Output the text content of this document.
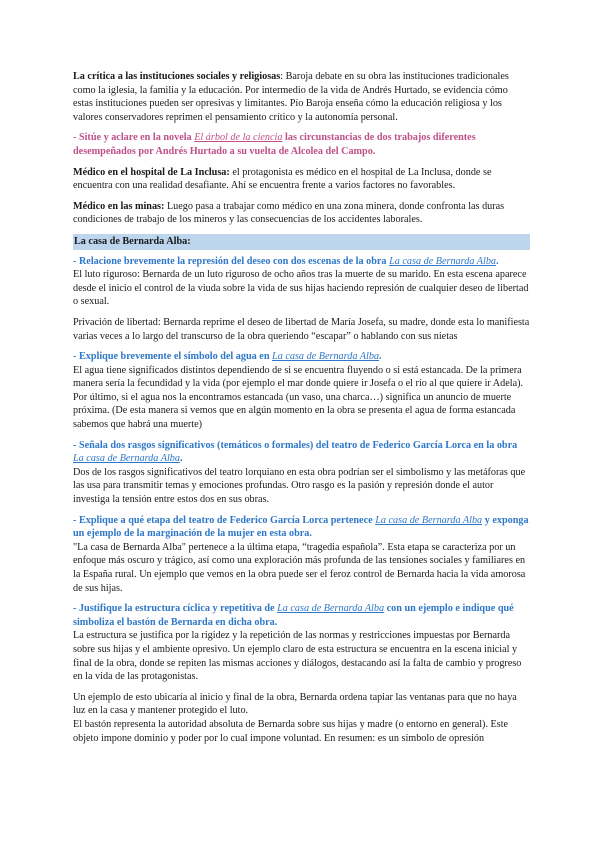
La crítica a las instituciones sociales y religiosas: Baroja debate en su obra las instituciones tradicionales como la iglesia, la familia y la educación. Por intermedio de la vida de Andrés Hurtado, se evidencia cómo estas instituciones pueden ser opresivas y limitantes. Pío Baroja enseña cómo la educación religiosa y los valores conservadores reprimen el pensamiento crítico y la autonomía personal.

- Sitúe y aclare en la novela El árbol de la ciencia las circunstancias de dos trabajos diferentes desempeñados por Andrés Hurtado a su vuelta de Alcolea del Campo.

Médico en el hospital de La Inclusa: el protagonista es médico en el hospital de La Inclusa, donde se encuentra con una realidad desafiante. Ahí se encuentra frente a varios factores no favorables.

Médico en las minas: Luego pasa a trabajar como médico en una zona minera, donde confronta las duras condiciones de trabajo de los mineros y las consecuencias de los accidentes laborales.

La casa de Bernarda Alba:

- Relacione brevemente la represión del deseo con dos escenas de la obra La casa de Bernarda Alba.

El luto riguroso: Bernarda de un luto riguroso de ocho años tras la muerte de su marido. En esta escena aparece desde el inicio el control de la viuda sobre la vida de sus hijas haciendo represión de cualquier deseo de libertad o sexual.

Privación de libertad: Bernarda reprime el deseo de libertad de María Josefa, su madre, donde esta lo manifiesta varias veces a lo largo del transcurso de la obra queriendo “escapar” o hablando con sus nietas

- Explique brevemente el símbolo del agua en La casa de Bernarda Alba.

El agua tiene significados distintos dependiendo de si se encuentra fluyendo o si está estancada. De la primera manera sería la fecundidad y la vida (por ejemplo el mar donde quiere ir Josefa o el río al que quiere ir Adela). Por último, si el agua nos la encontramos estancada (un vaso, una charca…) significa un anuncio de muerte próxima. (De esta manera si vemos que en algún momento en la obra se presenta el agua de forma estancada sabemos que habrá una muerte)

- Señala dos rasgos significativos (temáticos o formales) del teatro de Federico García Lorca en la obra La casa de Bernarda Alba.

Dos de los rasgos significativos del teatro lorquiano en esta obra podrían ser el simbolismo y las metáforas que las usa para transmitir temas y emociones profundas. Otro rasgo es la pasión y represión donde el autor investiga la tensión entre estos dos en sus obras.

- Explique a qué etapa del teatro de Federico García Lorca pertenece La casa de Bernarda Alba y exponga un ejemplo de la marginación de la mujer en esta obra.

"La casa de Bernarda Alba" pertenece a la última etapa, “tragedia española”. Esta etapa se caracteriza por un enfoque más oscuro y trágico, así como una exploración más profunda de las tensiones sociales y familiares en la España rural. Un ejemplo que vemos en la obra puede ser el feroz control de Bernarda hacia la vida amorosa de sus hijas.

- Justifique la estructura cíclica y repetitiva de La casa de Bernarda Alba con un ejemplo e indique qué simboliza el bastón de Bernarda en dicha obra.

La estructura se justifica por la rigidez y la repetición de las normas y restricciones impuestas por Bernarda sobre sus hijas y el ambiente opresivo. Un ejemplo claro de esta estructura se encuentra en la escena inicial y final de la obra, donde se repiten las mismas acciones y diálogos, destacando así la falta de cambio y progreso en la vida de las protagonistas.

Un ejemplo de esto ubicaría al inicio y final de la obra, Bernarda ordena tapiar las ventanas para que no haya luz en la casa y mantener protegido el luto.

El bastón representa la autoridad absoluta de Bernarda sobre sus hijas y madre (o entorno en general). Este objeto impone dominio y poder por lo cual impone voluntad. En resumen: es un símbolo de opresión
